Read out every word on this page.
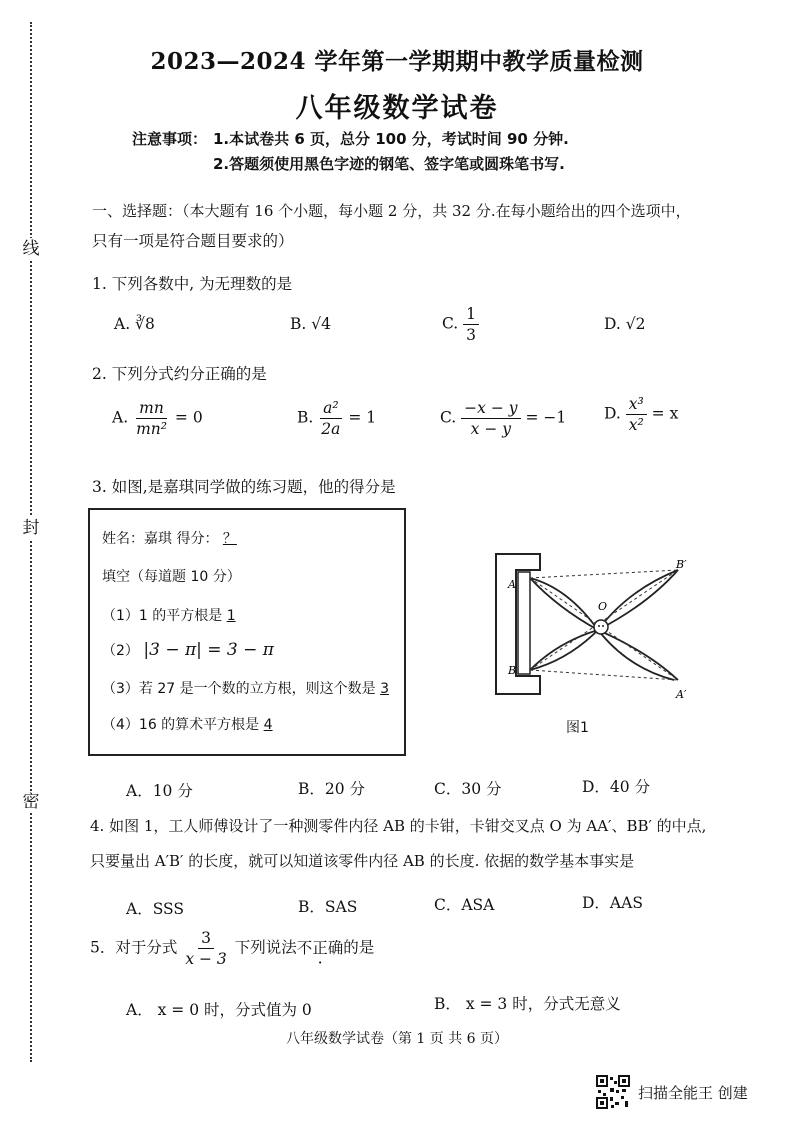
线
封
密
2023—2024 学年第一学期期中教学质量检测
八年级数学试卷
注意事项： 1.本试卷共 6 页，总分 100 分，考试时间 90 分钟.
2.答题须使用黑色字迹的钢笔、签字笔或圆珠笔书写.
一、选择题：（本大题有 16 个小题，每小题 2 分，共 32 分.在每小题给出的四个选项中，
只有一项是符合题目要求的）
1. 下列各数中, 为无理数的是
A. ∛8	B. √4	C. $\frac{1}{3}$	D. √2
2. 下列分式约分正确的是
A. $\frac{mn}{\text{mn²}} = 0$	B. $\frac{\text{a²}}{2a} = 1$	C. $\frac{-x - y}{x - y} = -1$ D. $\frac{\text{x³}}{\text{x²}} = x$
3. 如图,是嘉琪同学做的练习题，他的得分是
姓名：嘉琪 得分： ？
填空（每道题 10 分）
（1）1 的平方根是 1
（2） |3 − π| = 3 − π
（3）若 27 是一个数的立方根，则这个数是 3
（4）16 的算术平方根是 4
A
B
O
B′
A′
图1
A．10 分	B．20 分	C．30 分	D．40 分
4. 如图 1，工人师傅设计了一种测零件内径 AB 的卡钳，卡钳交叉点 O 为 AA′、BB′ 的中点,
只要量出 A′B′ 的长度，就可以知道该零件内径 AB 的长度. 依据的数学基本事实是
A．SSS	B．SAS	C．ASA	D．AAS
5．对于分式 $\frac{3}{x - 3}$ 下列说法不正确的是
A． x = 0 时，分式值为 0	B． x = 3 时，分式无意义
八年级数学试卷（第 1 页 共 6 页）
扫描全能王 创建
